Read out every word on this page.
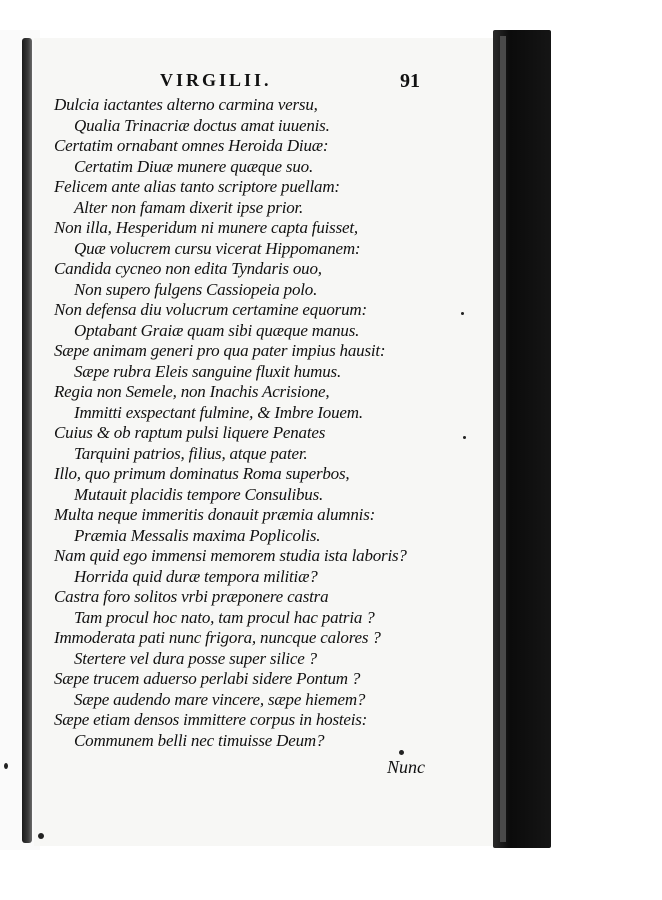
VIRGILII.	91
Dulcia iactantes alterno carmina versu,
Qualia Trinacriæ doctus amat iuuenis.
Certatim ornabant omnes Heroida Diuæ:
Certatim Diuæ munere quæque suo.
Felicem ante alias tanto scriptore puellam:
Alter non famam dixerit ipse prior.
Non illa, Hesperidum ni munere capta fuisset,
Quæ volucrem cursu vicerat Hippomanem:
Candida cycneo non edita Tyndaris ouo,
Non supero fulgens Cassiopeia polo.
Non defensa diu volucrum certamine equorum:
Optabant Graiæ quam sibi quæque manus.
Sæpe animam generi pro qua pater impius hausit:
Sæpe rubra Eleis sanguine fluxit humus.
Regia non Semele, non Inachis Acrisione,
Immitti exspectant fulmine, & Imbre Iouem.
Cuius & ob raptum pulsi liquere Penates
Tarquini patrios, filius, atque pater.
Illo, quo primum dominatus Roma superbos,
Mutauit placidis tempore Consulibus.
Multa neque immeritis donauit præmia alumnis:
Præmia Messalis maxima Poplicolis.
Nam quid ego immensi memorem studia ista laboris?
Horrida quid duræ tempora militiæ?
Castra foro solitos vrbi præponere castra
Tam procul hoc nato, tam procul hac patria ?
Immoderata pati nunc frigora, nuncque calores ?
Stertere vel dura posse super silice ?
Sæpe trucem aduerso perlabi sidere Pontum ?
Sæpe audendo mare vincere, sæpe hiemem?
Sæpe etiam densos immittere corpus in hosteis:
Communem belli nec timuisse Deum?
Nunc
